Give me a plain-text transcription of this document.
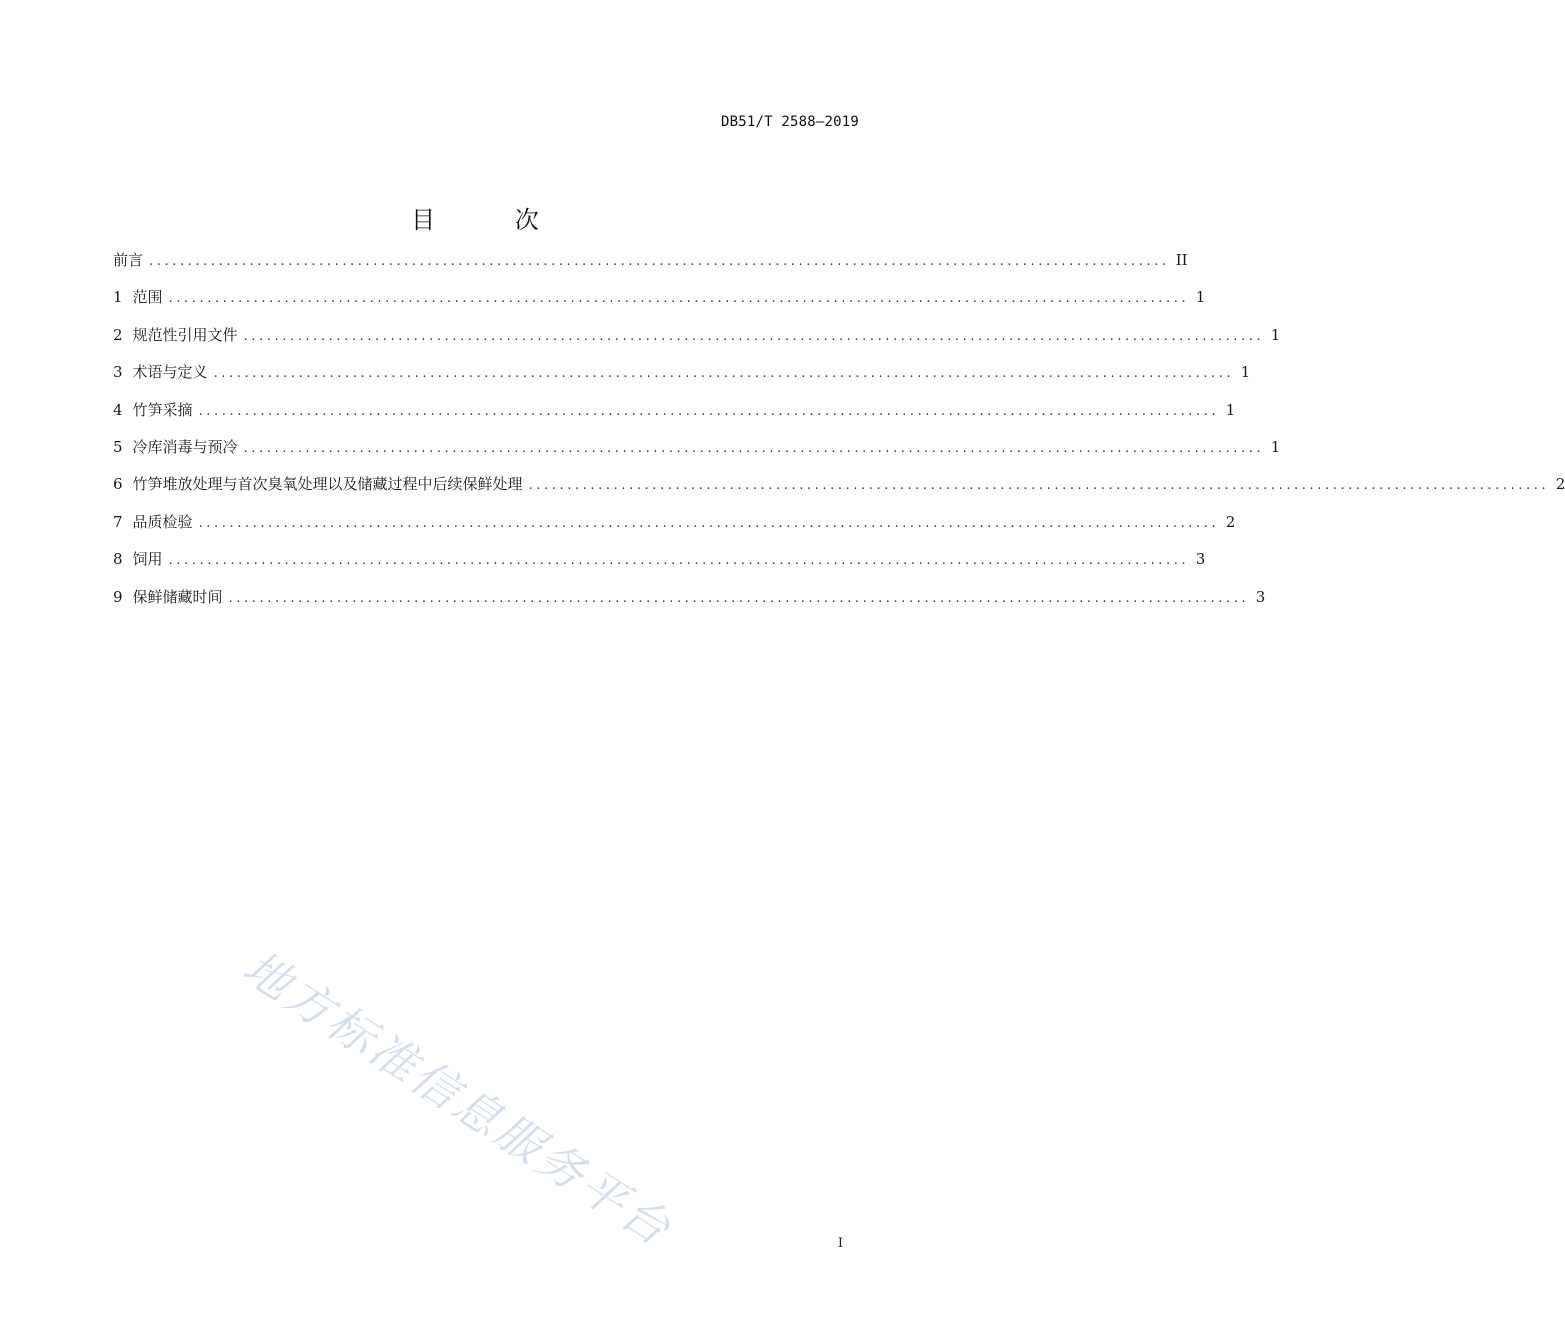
DB51/T 2588—2019
目 次
前言 .................................................................................................................................... II
1 范围 .................................................................................................................................... 1
2 规范性引用文件 .................................................................................................................................... 1
3 术语与定义 .................................................................................................................................... 1
4 竹笋采摘 .................................................................................................................................... 1
5 冷库消毒与预冷 .................................................................................................................................... 1
6 竹笋堆放处理与首次臭氧处理以及储藏过程中后续保鲜处理 .................................................................................................................................... 2
7 品质检验 .................................................................................................................................... 2
8 饲用 .................................................................................................................................... 3
9 保鲜储藏时间 .................................................................................................................................... 3
地方标准信息服务平台	I
